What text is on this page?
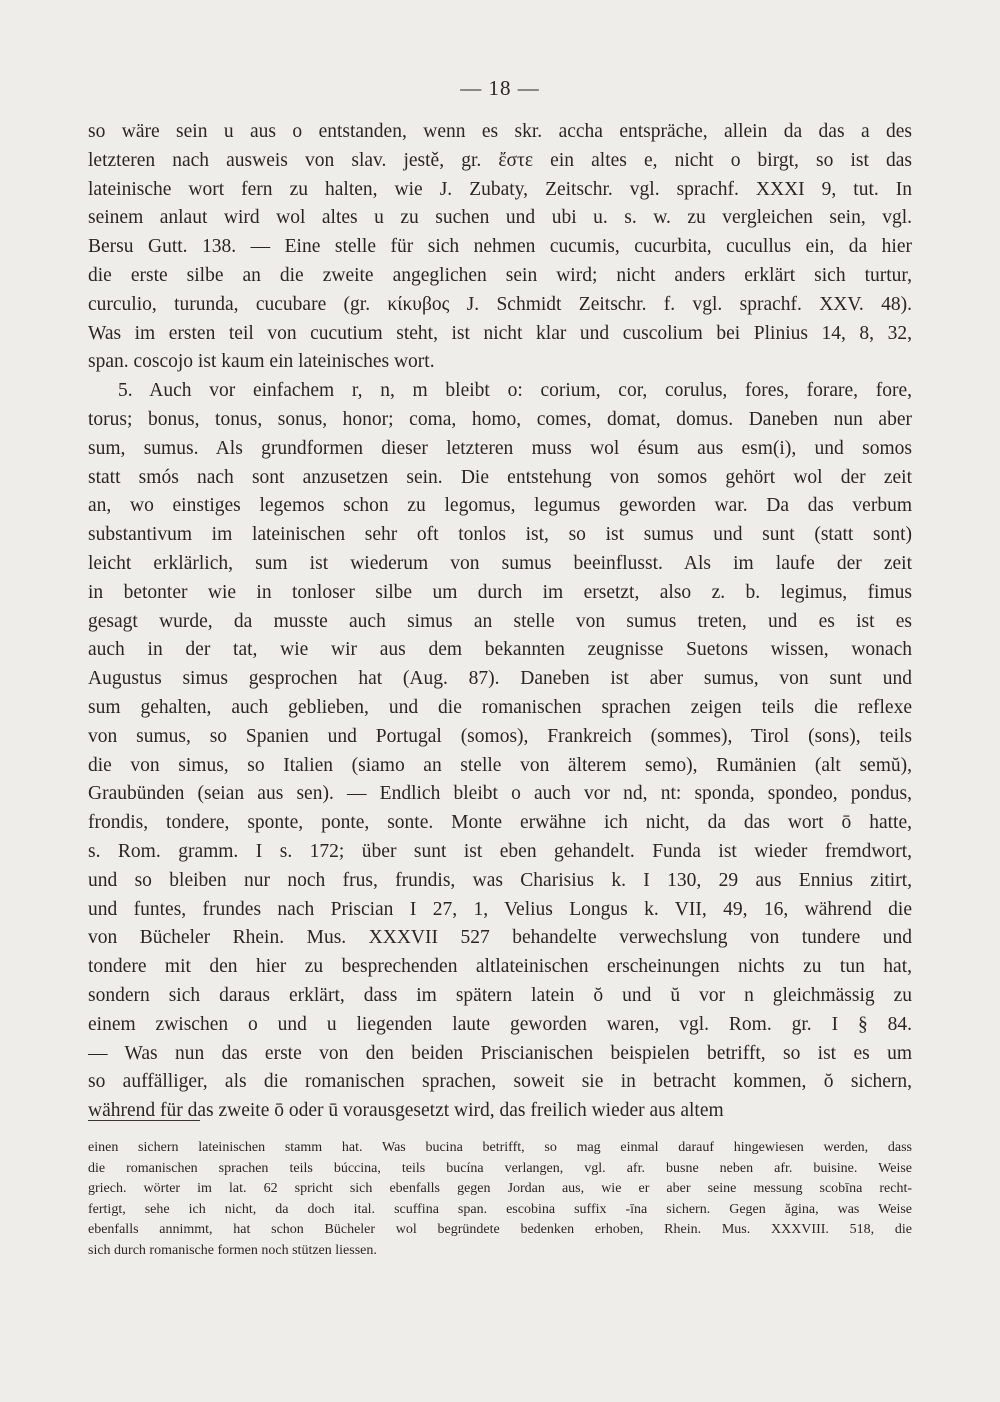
— 18 —
so wäre sein u aus o entstanden, wenn es skr. accha entspräche, allein da das a des
letzteren nach ausweis von slav. jestě, gr. ἔστε ein altes e, nicht o birgt, so ist das
lateinische wort fern zu halten, wie J. Zubaty, Zeitschr. vgl. sprachf. XXXI 9, tut. In
seinem anlaut wird wol altes u zu suchen und ubi u. s. w. zu vergleichen sein, vgl.
Bersu Gutt. 138. — Eine stelle für sich nehmen cucumis, cucurbita, cucullus ein, da hier
die erste silbe an die zweite angeglichen sein wird; nicht anders erklärt sich turtur,
curculio, turunda, cucubare (gr. κίκυβος J. Schmidt Zeitschr. f. vgl. sprachf. XXV. 48).
Was im ersten teil von cucutium steht, ist nicht klar und cuscolium bei Plinius 14, 8, 32,
span. coscojo ist kaum ein lateinisches wort.
5. Auch vor einfachem r, n, m bleibt o: corium, cor, corulus, fores, forare, fore,
torus; bonus, tonus, sonus, honor; coma, homo, comes, domat, domus. Daneben nun aber
sum, sumus. Als grundformen dieser letzteren muss wol ésum aus esm(i), und somos
statt smós nach sont anzusetzen sein. Die entstehung von somos gehört wol der zeit
an, wo einstiges legemos schon zu legomus, legumus geworden war. Da das verbum
substantivum im lateinischen sehr oft tonlos ist, so ist sumus und sunt (statt sont)
leicht erklärlich, sum ist wiederum von sumus beeinflusst. Als im laufe der zeit
in betonter wie in tonloser silbe um durch im ersetzt, also z. b. legimus, fimus
gesagt wurde, da musste auch simus an stelle von sumus treten, und es ist es
auch in der tat, wie wir aus dem bekannten zeugnisse Suetons wissen, wonach
Augustus simus gesprochen hat (Aug. 87). Daneben ist aber sumus, von sunt und
sum gehalten, auch geblieben, und die romanischen sprachen zeigen teils die reflexe
von sumus, so Spanien und Portugal (somos), Frankreich (sommes), Tirol (sons), teils
die von simus, so Italien (siamo an stelle von älterem semo), Rumänien (alt semŭ),
Graubünden (seian aus sen). — Endlich bleibt o auch vor nd, nt: sponda, spondeo, pondus,
frondis, tondere, sponte, ponte, sonte. Monte erwähne ich nicht, da das wort ō hatte,
s. Rom. gramm. I s. 172; über sunt ist eben gehandelt. Funda ist wieder fremdwort,
und so bleiben nur noch frus, frundis, was Charisius k. I 130, 29 aus Ennius zitirt,
und funtes, frundes nach Priscian I 27, 1, Velius Longus k. VII, 49, 16, während die
von Bücheler Rhein. Mus. XXXVII 527 behandelte verwechslung von tundere und
tondere mit den hier zu besprechenden altlateinischen erscheinungen nichts zu tun hat,
sondern sich daraus erklärt, dass im spätern latein ŏ und ŭ vor n gleichmässig zu
einem zwischen o und u liegenden laute geworden waren, vgl. Rom. gr. I § 84.
— Was nun das erste von den beiden Priscianischen beispielen betrifft, so ist es um
so auffälliger, als die romanischen sprachen, soweit sie in betracht kommen, ŏ sichern,
während für das zweite ō oder ū vorausgesetzt wird, das freilich wieder aus altem
einen sichern lateinischen stamm hat. Was bucina betrifft, so mag einmal darauf hingewiesen werden, dass
die romanischen sprachen teils búccina, teils bucína verlangen, vgl. afr. busne neben afr. buisine. Weise
griech. wörter im lat. 62 spricht sich ebenfalls gegen Jordan aus, wie er aber seine messung scobīna recht-
fertigt, sehe ich nicht, da doch ital. scuffina span. escobina suffix -īna sichern. Gegen ăgina, was Weise
ebenfalls annimmt, hat schon Bücheler wol begründete bedenken erhoben, Rhein. Mus. XXXVIII. 518, die
sich durch romanische formen noch stützen liessen.
